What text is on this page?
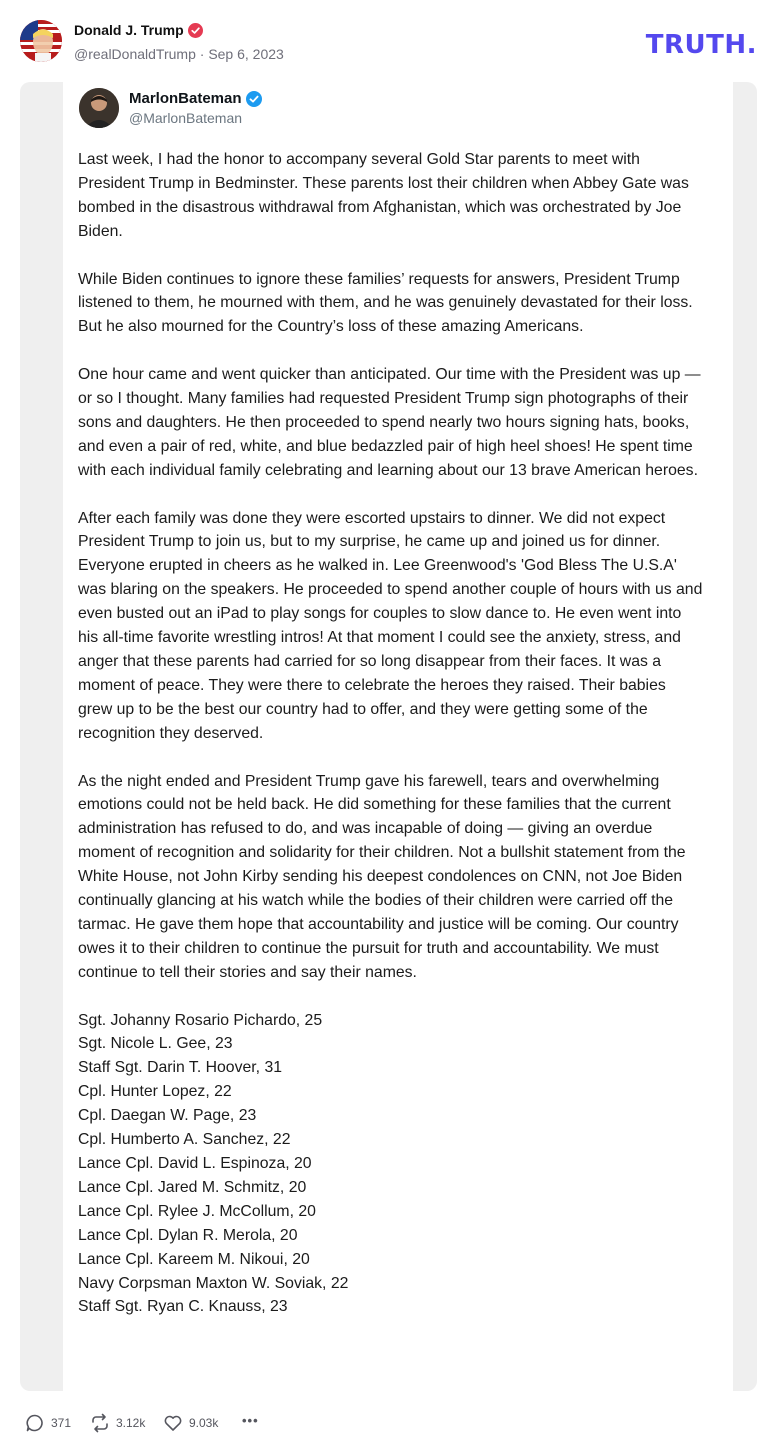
Donald J. Trump
@realDonaldTrump · Sep 6, 2023	TRUTH.
MarlonBateman
@MarlonBateman

Last week, I had the honor to accompany several Gold Star parents to meet with President Trump in Bedminster. These parents lost their children when Abbey Gate was bombed in the disastrous withdrawal from Afghanistan, which was orchestrated by Joe Biden.

While Biden continues to ignore these families’ requests for answers, President Trump listened to them, he mourned with them, and he was genuinely devastated for their loss. But he also mourned for the Country’s loss of these amazing Americans.

One hour came and went quicker than anticipated. Our time with the President was up — or so I thought. Many families had requested President Trump sign photographs of their sons and daughters. He then proceeded to spend nearly two hours signing hats, books, and even a pair of red, white, and blue bedazzled pair of high heel shoes! He spent time with each individual family celebrating and learning about our 13 brave American heroes.

After each family was done they were escorted upstairs to dinner. We did not expect President Trump to join us, but to my surprise, he came up and joined us for dinner. Everyone erupted in cheers as he walked in. Lee Greenwood's 'God Bless The U.S.A' was blaring on the speakers. He proceeded to spend another couple of hours with us and even busted out an iPad to play songs for couples to slow dance to. He even went into his all-time favorite wrestling intros! At that moment I could see the anxiety, stress, and anger that these parents had carried for so long disappear from their faces. It was a moment of peace. They were there to celebrate the heroes they raised. Their babies grew up to be the best our country had to offer, and they were getting some of the recognition they deserved.

As the night ended and President Trump gave his farewell, tears and overwhelming emotions could not be held back. He did something for these families that the current administration has refused to do, and was incapable of doing — giving an overdue moment of recognition and solidarity for their children. Not a bullshit statement from the White House, not John Kirby sending his deepest condolences on CNN, not Joe Biden continually glancing at his watch while the bodies of their children were carried off the tarmac. He gave them hope that accountability and justice will be coming. Our country owes it to their children to continue the pursuit for truth and accountability. We must continue to tell their stories and say their names.

Sgt. Johanny Rosario Pichardo, 25
Sgt. Nicole L. Gee, 23
Staff Sgt. Darin T. Hoover, 31
Cpl. Hunter Lopez, 22
Cpl. Daegan W. Page, 23
Cpl. Humberto A. Sanchez, 22
Lance Cpl. David L. Espinoza, 20
Lance Cpl. Jared M. Schmitz, 20
Lance Cpl. Rylee J. McCollum, 20
Lance Cpl. Dylan R. Merola, 20
Lance Cpl. Kareem M. Nikoui, 20
Navy Corpsman Maxton W. Soviak, 22
Staff Sgt. Ryan C. Knauss, 23
371	3.12k	9.03k •••
